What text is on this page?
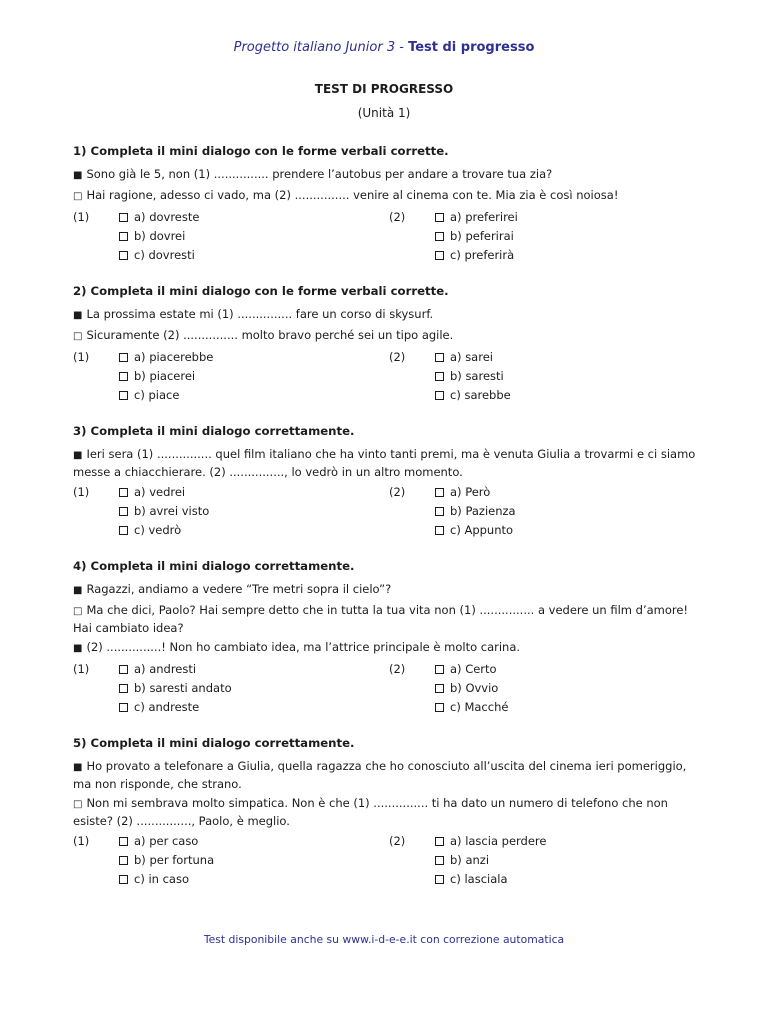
Progetto italiano Junior 3 - Test di progresso
TEST DI PROGRESSO
(Unità 1)
1) Completa il mini dialogo con le forme verbali corrette.
■ Sono già le 5, non (1) ............... prendere l’autobus per andare a trovare tua zia?
□ Hai ragione, adesso ci vado, ma (2) ............... venire al cinema con te. Mia zia è così noiosa!
(1)	a) dovreste
b) dovrei
c) dovresti
(2)	a) preferirei
b) peferirai
c) preferirà
2) Completa il mini dialogo con le forme verbali corrette.
■ La prossima estate mi (1) ............... fare un corso di skysurf.
□ Sicuramente (2) ............... molto bravo perché sei un tipo agile.
(1)	a) piacerebbe
b) piacerei
c) piace
(2)	a) sarei
b) saresti
c) sarebbe
3) Completa il mini dialogo correttamente.
■ Ieri sera (1) ............... quel film italiano che ha vinto tanti premi, ma è venuta Giulia a trovarmi e ci siamo messe a chiacchierare. (2) ..............., lo vedrò in un altro momento.
(1)	a) vedrei
b) avrei visto
c) vedrò
(2)	a) Però
b) Pazienza
c) Appunto
4) Completa il mini dialogo correttamente.
■ Ragazzi, andiamo a vedere “Tre metri sopra il cielo”?
□ Ma che dici, Paolo? Hai sempre detto che in tutta la tua vita non (1) ............... a vedere un film d’amore! Hai cambiato idea?
■ (2) ...............! Non ho cambiato idea, ma l’attrice principale è molto carina.
(1)	a) andresti
b) saresti andato
c) andreste
(2)	a) Certo
b) Ovvio
c) Macché
5) Completa il mini dialogo correttamente.
■ Ho provato a telefonare a Giulia, quella ragazza che ho conosciuto all’uscita del cinema ieri pomeriggio, ma non risponde, che strano.
□ Non mi sembrava molto simpatica. Non è che (1) ............... ti ha dato un numero di telefono che non esiste? (2) ..............., Paolo, è meglio.
(1)	a) per caso
b) per fortuna
c) in caso
(2)	a) lascia perdere
b) anzi
c) lasciala
Test disponibile anche su www.i-d-e-e.it con correzione automatica
